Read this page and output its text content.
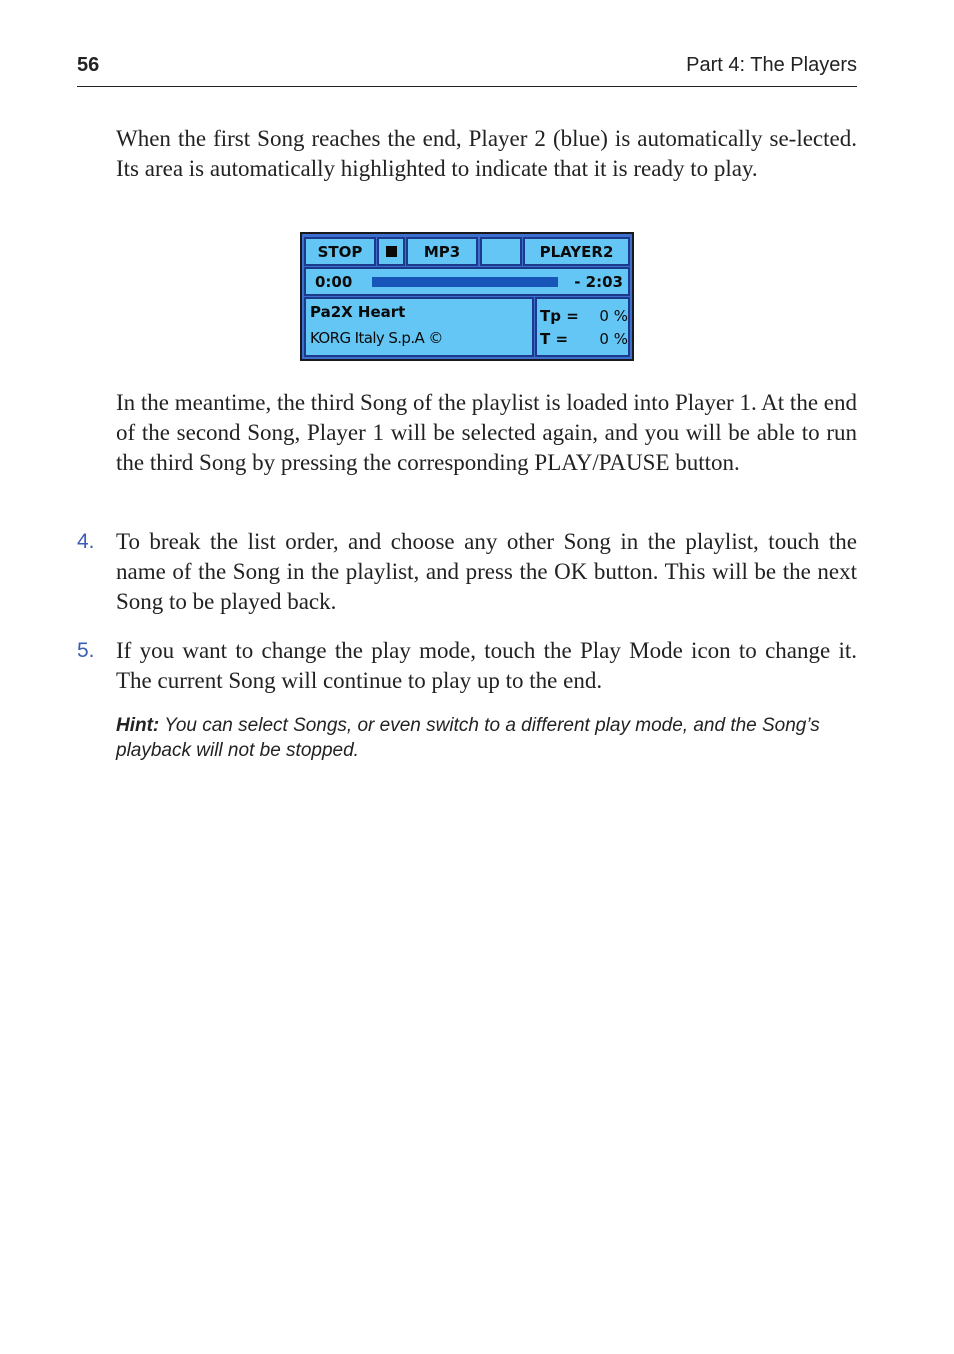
56	Part 4: The Players

When the first Song reaches the end, Player 2 (blue) is automatically se-lected. Its area is automatically highlighted to indicate that it is ready to play.

STOP	MP3	PLAYER2
0:00	- 2:03
Pa2X Heart
KORG Italy S.p.A ©
Tp = 0 %
T = 0 %

In the meantime, the third Song of the playlist is loaded into Player 1. At the end of the second Song, Player 1 will be selected again, and you will be able to run the third Song by pressing the corresponding PLAY/PAUSE button.

4. To break the list order, and choose any other Song in the playlist, touch the name of the Song in the playlist, and press the OK button. This will be the next Song to be played back.

5. If you want to change the play mode, touch the Play Mode icon to change it. The current Song will continue to play up to the end.

Hint: You can select Songs, or even switch to a different play mode, and the Song’s playback will not be stopped.
